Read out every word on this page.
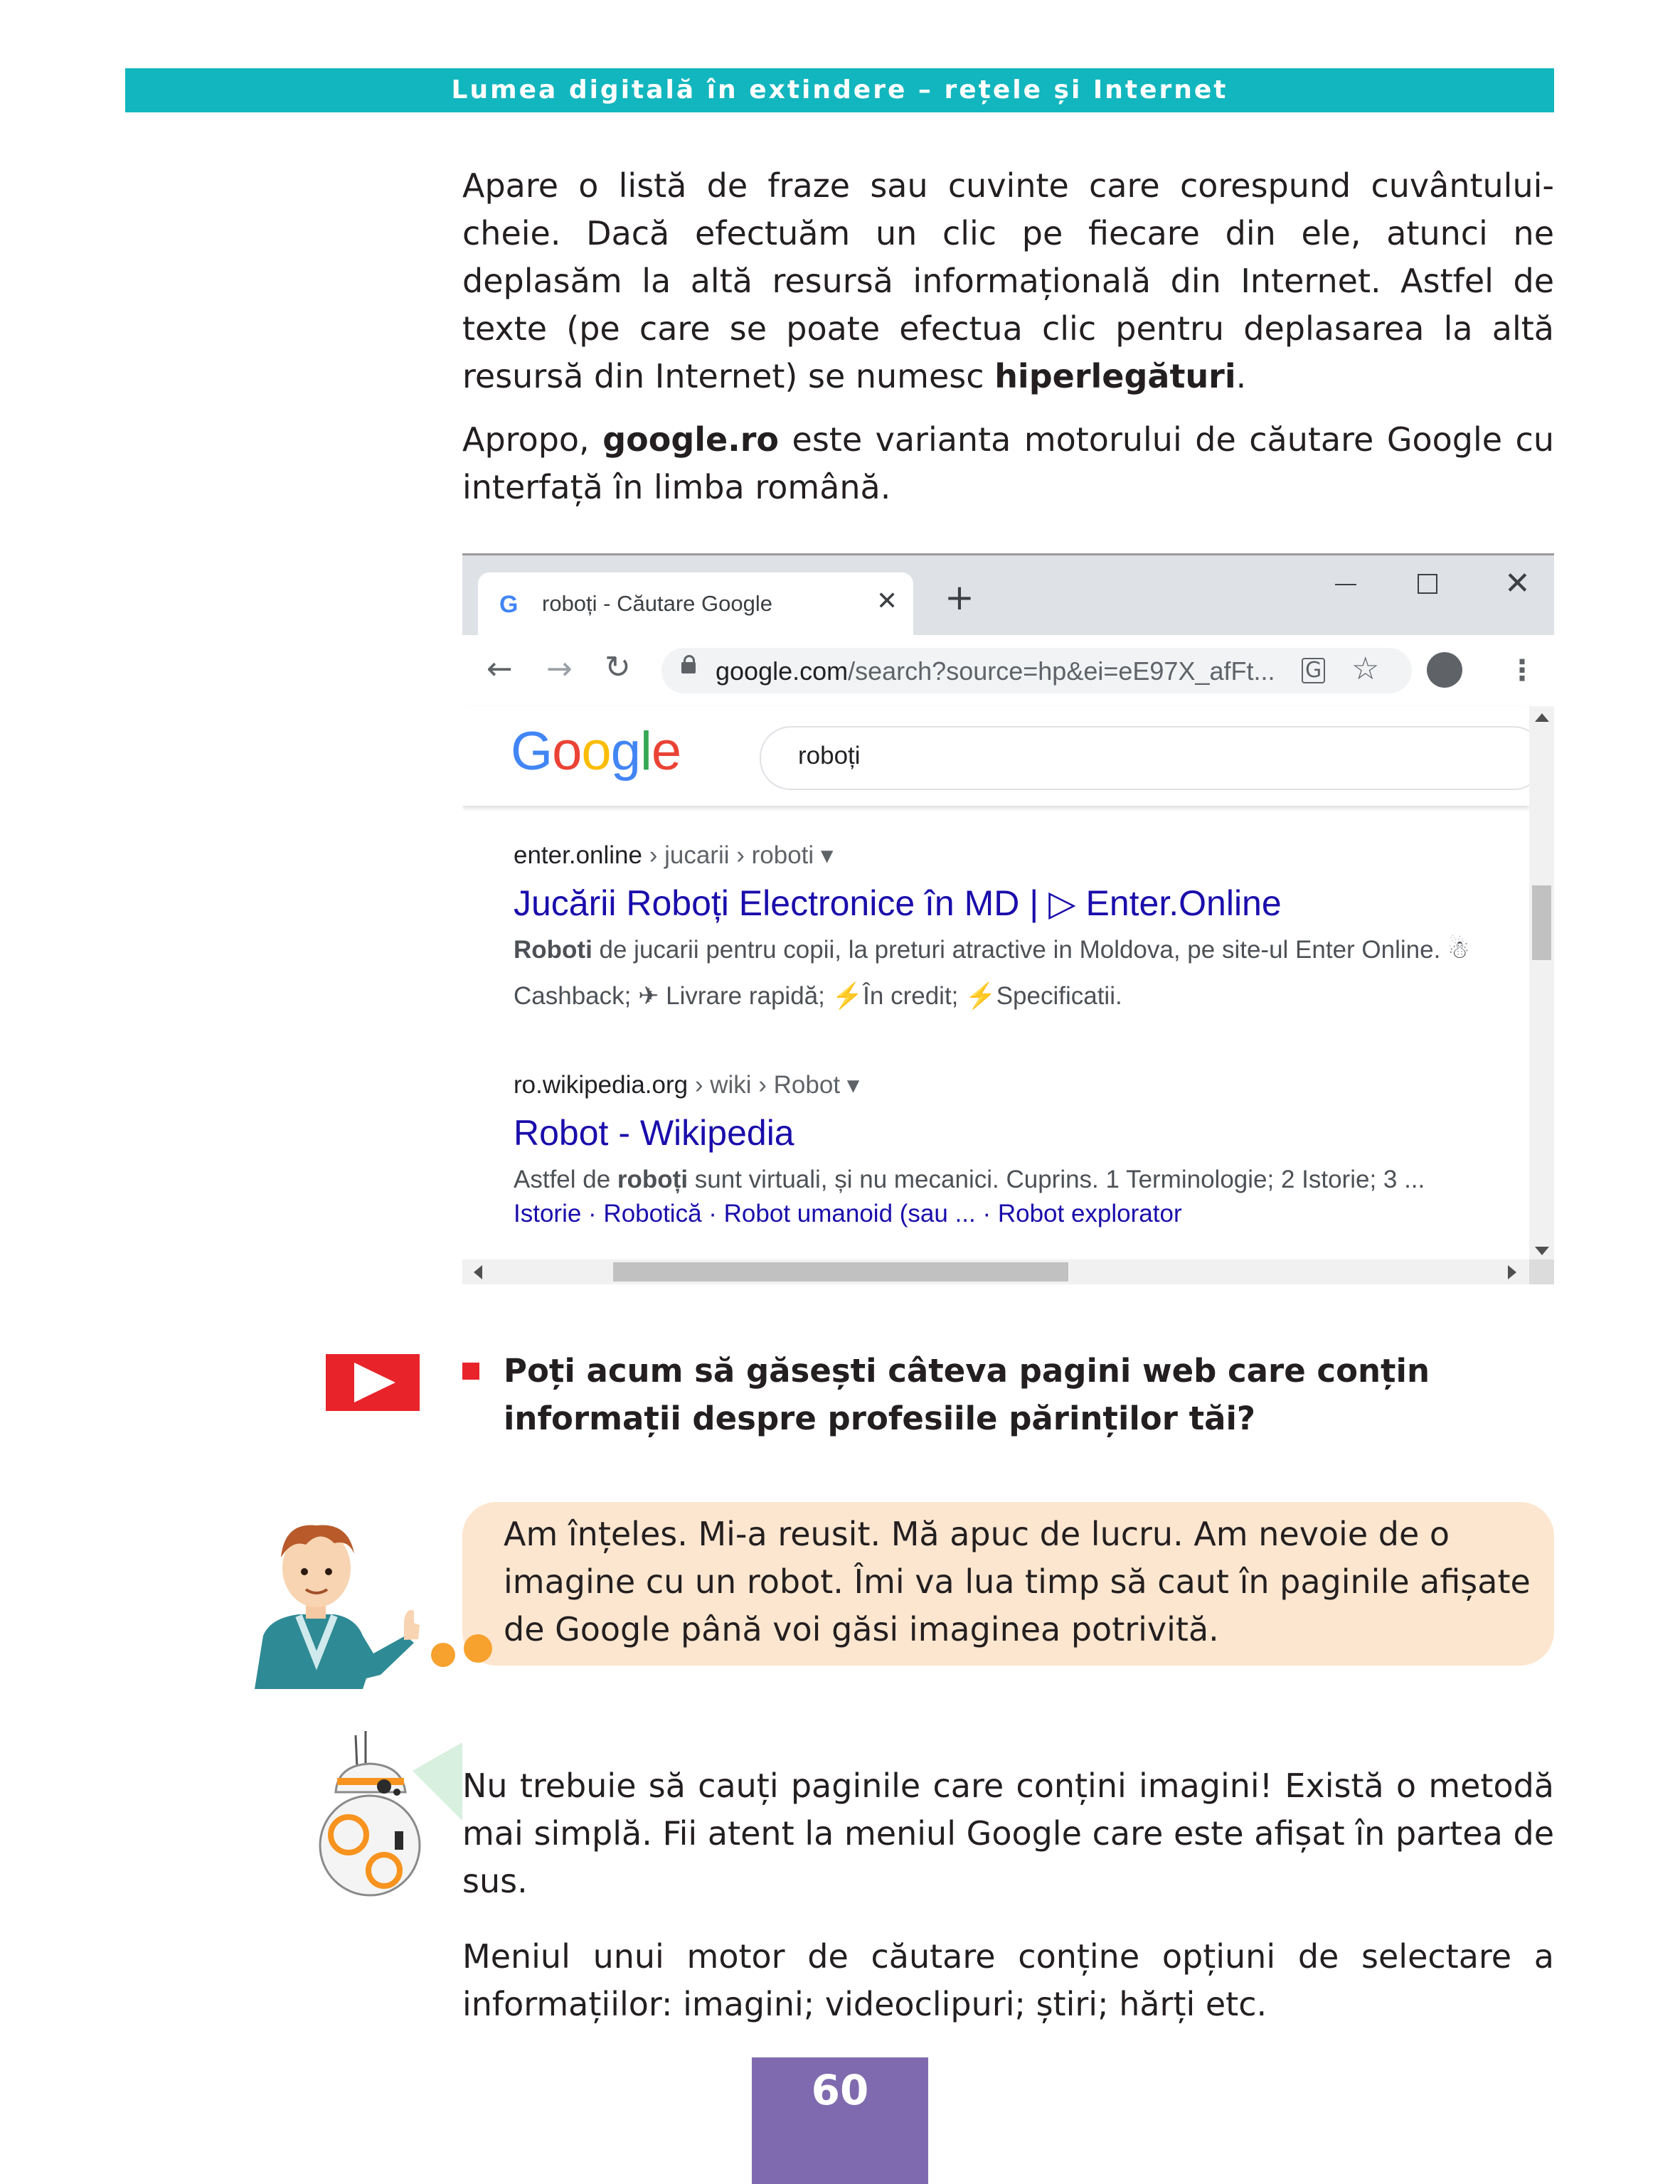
Lumea digitală în extindere – rețele și Internet

Apare o listă de fraze sau cuvinte care corespund cuvântului-cheie. Dacă efectuăm un clic pe fiecare din ele, atunci ne deplasăm la altă resursă informațională din Internet. Astfel de texte (pe care se poate efectua clic pentru deplasarea la altă resursă din Internet) se numesc hiperlegături.

Apropo, google.ro este varianta motorului de căutare Google cu interfață în limba română.

G roboți - Căutare Google	✕ +	✕
← → ↻	google.com/search?source=hp&ei=eE97X_afFt... G ☆	⋮
Google	roboți
enter.online › jucarii › roboti ▾
Jucării Roboți Electronice în MD | ▷ Enter.Online
Roboti de jucarii pentru copii, la preturi atractive in Moldova, pe site-ul Enter Online. ☃
Cashback; ✈ Livrare rapidă; ⚡În credit; ⚡Specificatii.
ro.wikipedia.org › wiki › Robot ▾
Robot - Wikipedia
Astfel de roboți sunt virtuali, și nu mecanici. Cuprins. 1 Terminologie; 2 Istorie; 3 ...
Istorie · Robotică · Robot umanoid (sau ... · Robot explorator

Poți acum să găsești câteva pagini web care conțin informații despre profesiile părinților tăi?

Am înțeles. Mi-a reusit. Mă apuc de lucru. Am nevoie de o imagine cu un robot. Îmi va lua timp să caut în paginile afișate de Google până voi găsi imaginea potrivită.

Nu trebuie să cauți paginile care conțini imagini! Există o metodă mai simplă. Fii atent la meniul Google care este afișat în partea de sus.

Meniul unui motor de căutare conține opțiuni de selectare a informațiilor: imagini; videoclipuri; știri; hărți etc.

60
